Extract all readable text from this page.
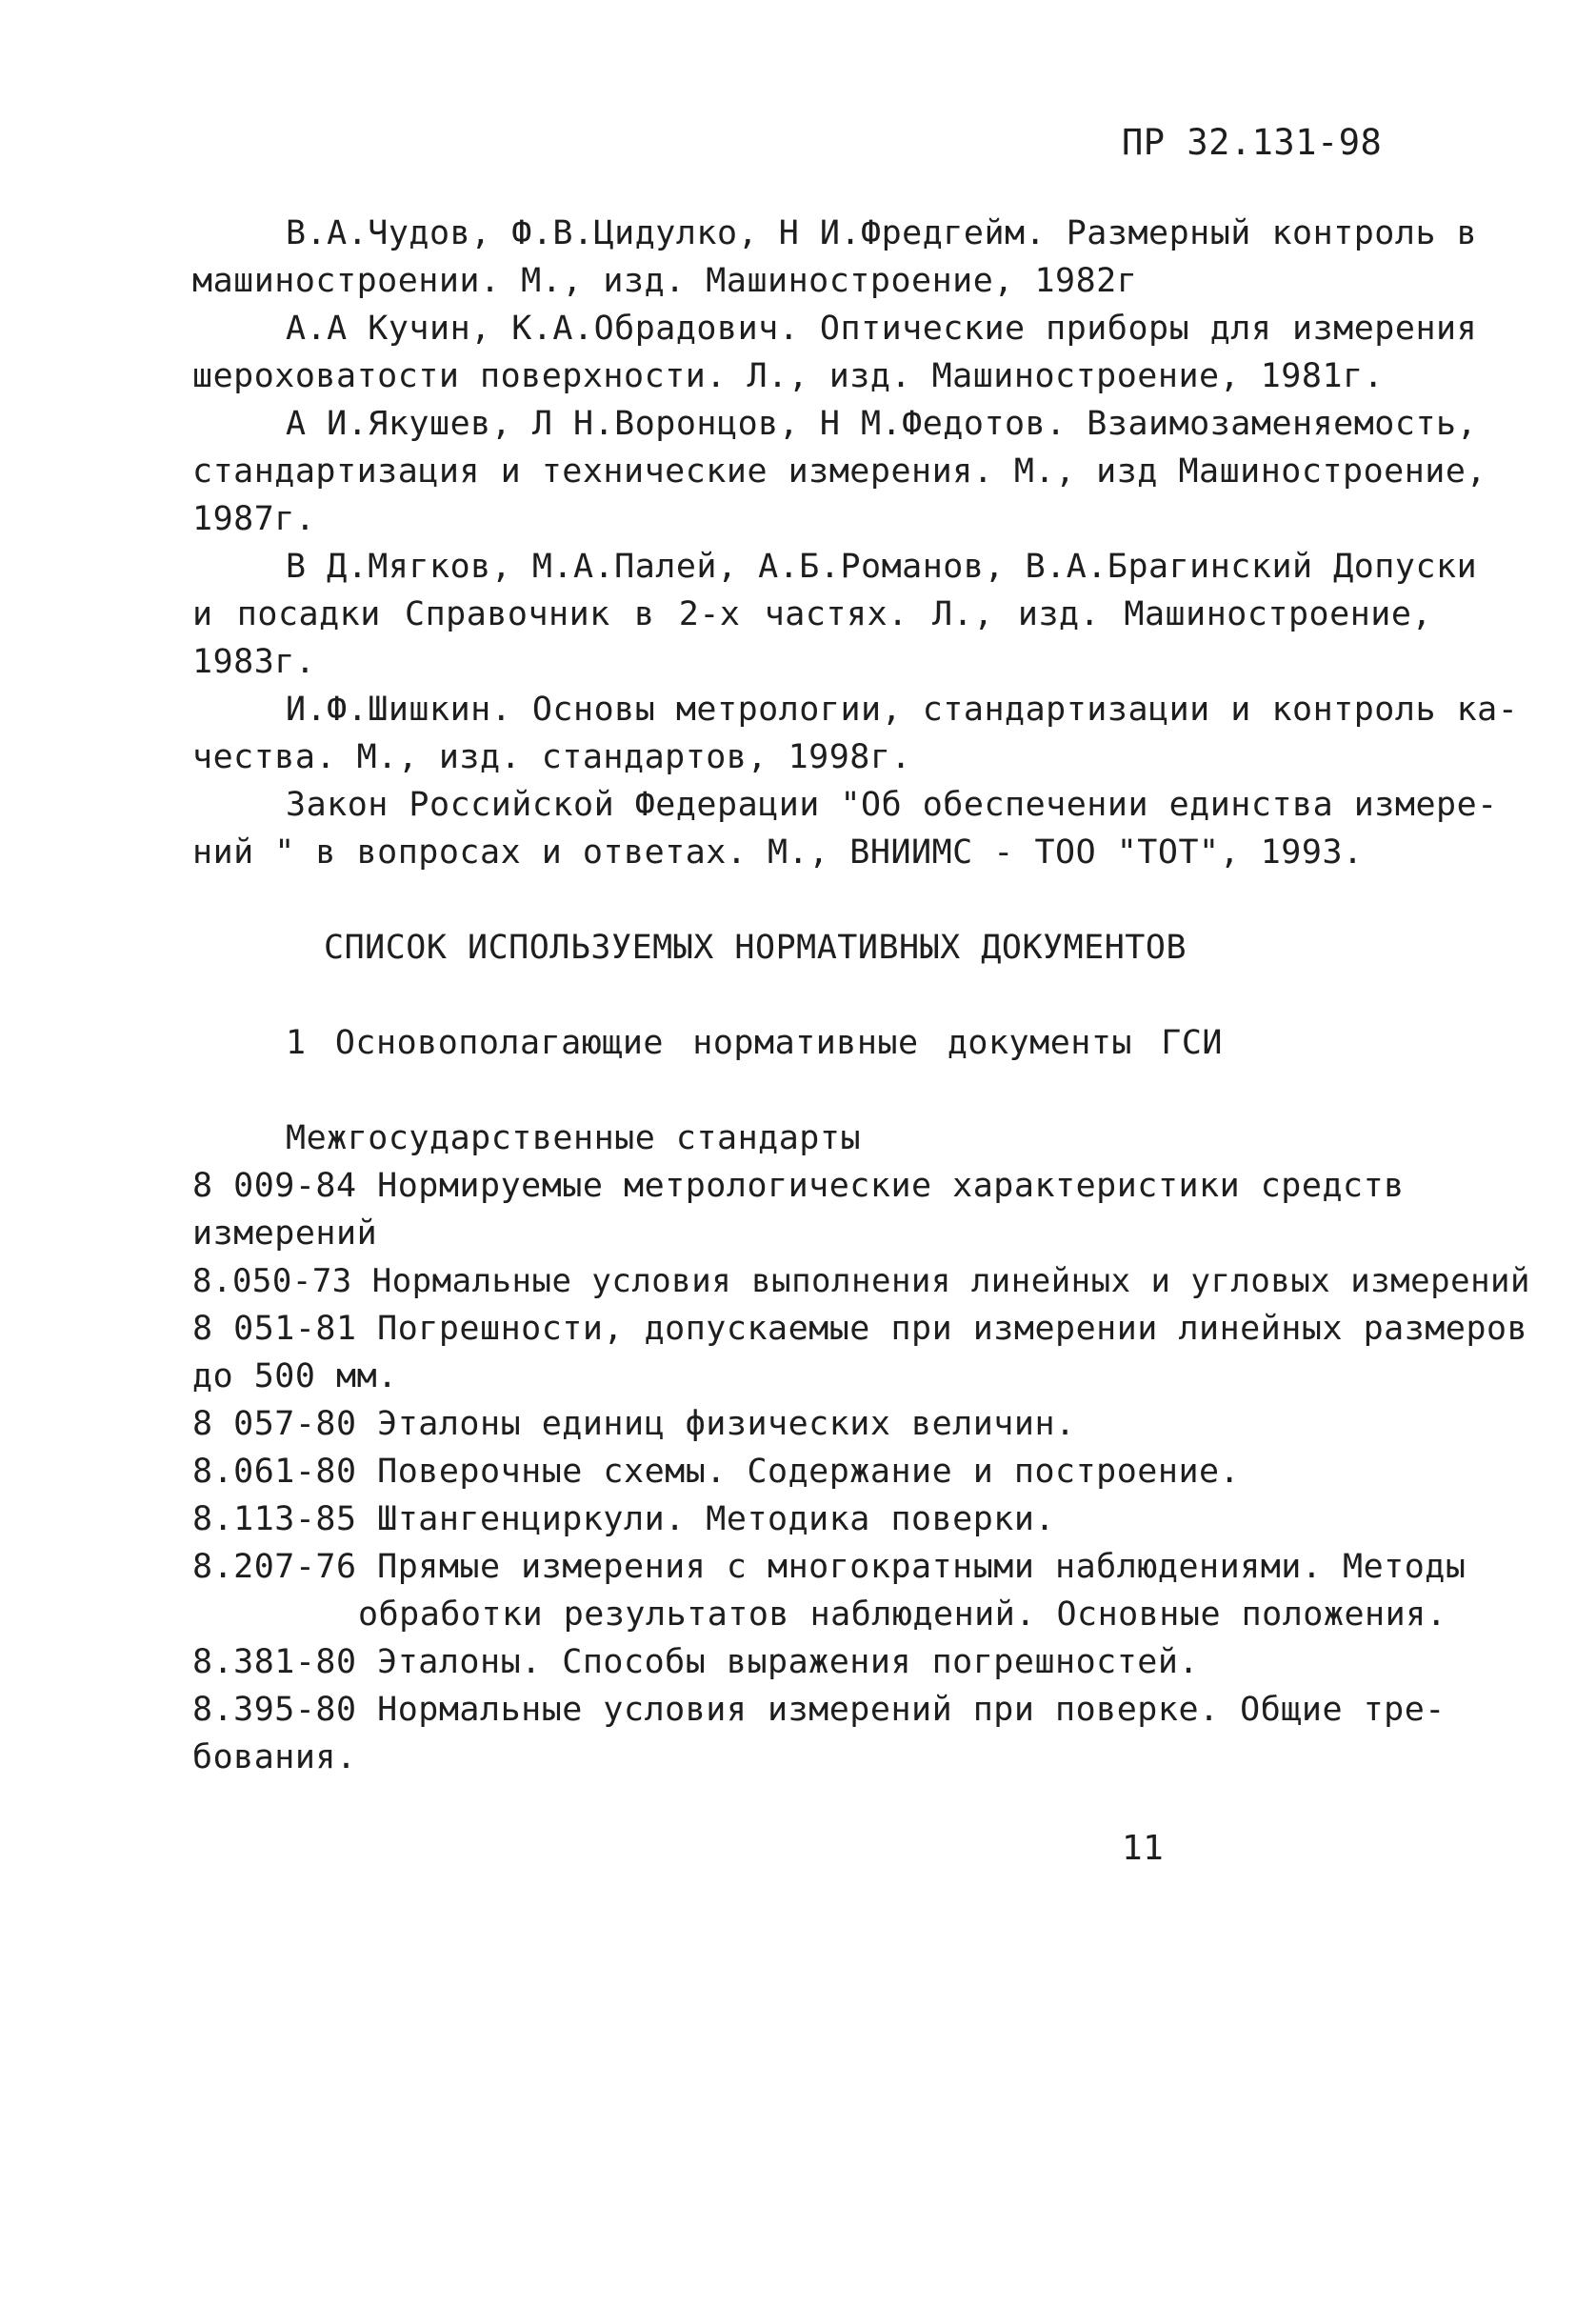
ПР 32.131-98
В.А.Чудов, Ф.В.Цидулко, Н И.Фредгейм. Размерный контроль в
машиностроении. М., изд. Машиностроение, 1982г
А.А Кучин, К.А.Обрадович. Оптические приборы для измерения
шероховатости поверхности. Л., изд. Машиностроение, 1981г.
А И.Якушев, Л Н.Воронцов, Н М.Федотов. Взаимозаменяемость,
стандартизация и технические измерения. М., изд Машиностроение,
1987г.
В Д.Мягков, М.А.Палей, А.Б.Романов, В.А.Брагинский Допуски
и посадки Справочник в 2-х частях. Л., изд. Машиностроение,
1983г.
И.Ф.Шишкин. Основы метрологии, стандартизации и контроль ка-
чества. М., изд. стандартов, 1998г.
Закон Российской Федерации "Об обеспечении единства измере-
ний " в вопросах и ответах. М., ВНИИМС - ТОО "ТОТ", 1993.
СПИСОК ИСПОЛЬЗУЕМЫХ НОРМАТИВНЫХ ДОКУМЕНТОВ
1 Основополагающие нормативные документы ГСИ
Межгосударственные стандарты
8 009-84 Нормируемые метрологические характеристики средств
измерений
8.050-73 Нормальные условия выполнения линейных и угловых измерений
8 051-81 Погрешности, допускаемые при измерении линейных размеров
до 500 мм.
8 057-80 Эталоны единиц физических величин.
8.061-80 Поверочные схемы. Содержание и построение.
8.113-85 Штангенциркули. Методика поверки.
8.207-76 Прямые измерения с многократными наблюдениями. Методы
обработки результатов наблюдений. Основные положения.
8.381-80 Эталоны. Способы выражения погрешностей.
8.395-80 Нормальные условия измерений при поверке. Общие тре-
бования.
11
